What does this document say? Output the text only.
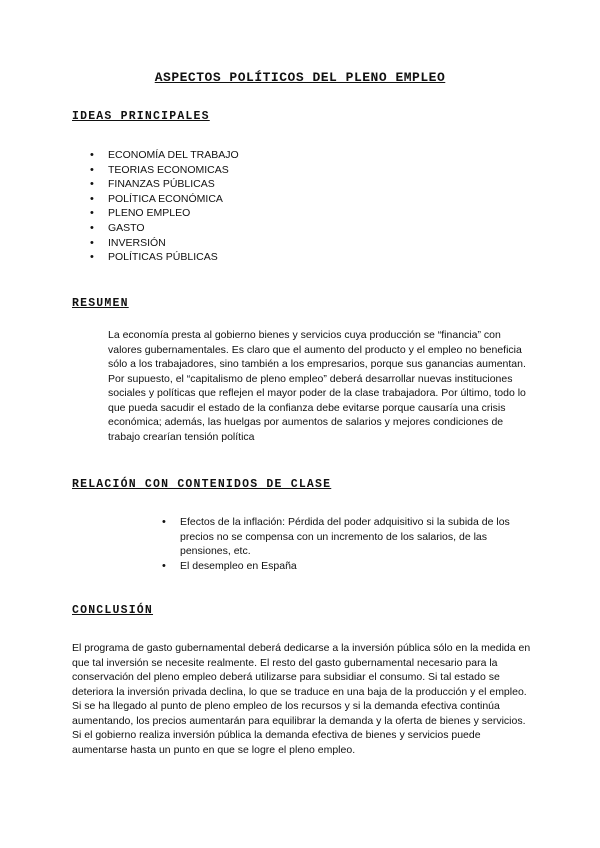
ASPECTOS POLÍTICOS DEL PLENO EMPLEO
IDEAS PRINCIPALES
• ECONOMÍA DEL TRABAJO
• TEORIAS ECONOMICAS
• FINANZAS PÚBLICAS
• POLÍTICA ECONÓMICA
• PLENO EMPLEO
• GASTO
• INVERSIÓN
• POLÍTICAS PÚBLICAS
RESUMEN

La economía presta al gobierno bienes y servicios cuya producción se “financia” con valores gubernamentales. Es claro que el aumento del producto y el empleo no beneficia sólo a los trabajadores, sino también a los empresarios, porque sus ganancias aumentan. Por supuesto, el “capitalismo de pleno empleo” deberá desarrollar nuevas instituciones sociales y políticas que reflejen el mayor poder de la clase trabajadora. Por último, todo lo que pueda sacudir el estado de la confianza debe evitarse porque causaría una crisis económica; además, las huelgas por aumentos de salarios y mejores condiciones de trabajo crearían tensión política

RELACIÓN CON CONTENIDOS DE CLASE
• Efectos de la inflación: Pérdida del poder adquisitivo si la subida de los precios no se compensa con un incremento de los salarios, de las pensiones, etc.
• El desempleo en España
CONCLUSIÓN

El programa de gasto gubernamental deberá dedicarse a la inversión pública sólo en la medida en que tal inversión se necesite realmente. El resto del gasto gubernamental necesario para la conservación del pleno empleo deberá utilizarse para subsidiar el consumo. Si tal estado se deteriora la inversión privada declina, lo que se traduce en una baja de la producción y el empleo. Si se ha llegado al punto de pleno empleo de los recursos y si la demanda efectiva continúa aumentando, los precios aumentarán para equilibrar la demanda y la oferta de bienes y servicios. Si el gobierno realiza inversión pública la demanda efectiva de bienes y servicios puede aumentarse hasta un punto en que se logre el pleno empleo.
